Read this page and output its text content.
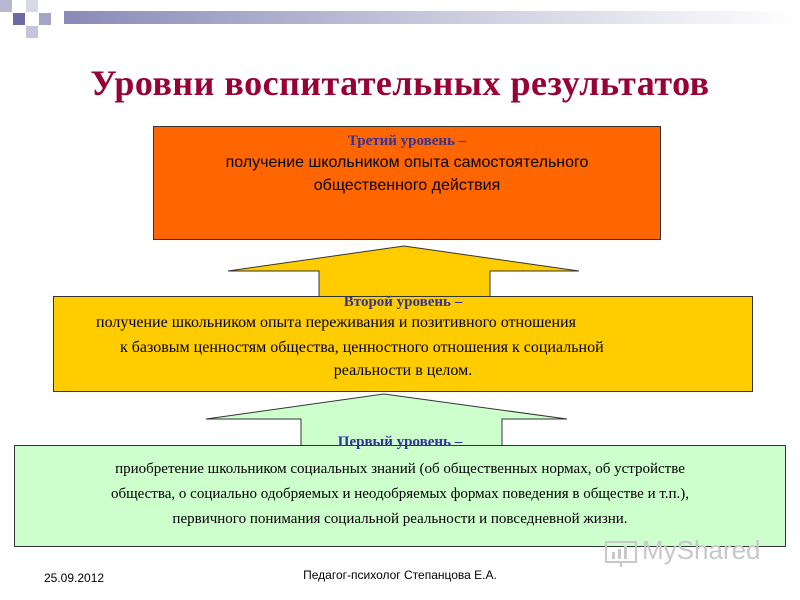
Уровни воспитательных результатов
Третий уровень –
получение школьником опыта самостоятельного
общественного действия
Второй уровень –
получение школьником опыта переживания и позитивного отношения
к базовым ценностям общества, ценностного отношения к социальной
реальности в целом.
Первый уровень –
приобретение школьником социальных знаний (об общественных нормах, об устройстве
общества, о социально одобряемых и неодобряемых формах поведения в обществе и т.п.),
первичного понимания социальной реальности и повседневной жизни.
MyShared
25.09.2012	Педагог-психолог Степанцова Е.А.
